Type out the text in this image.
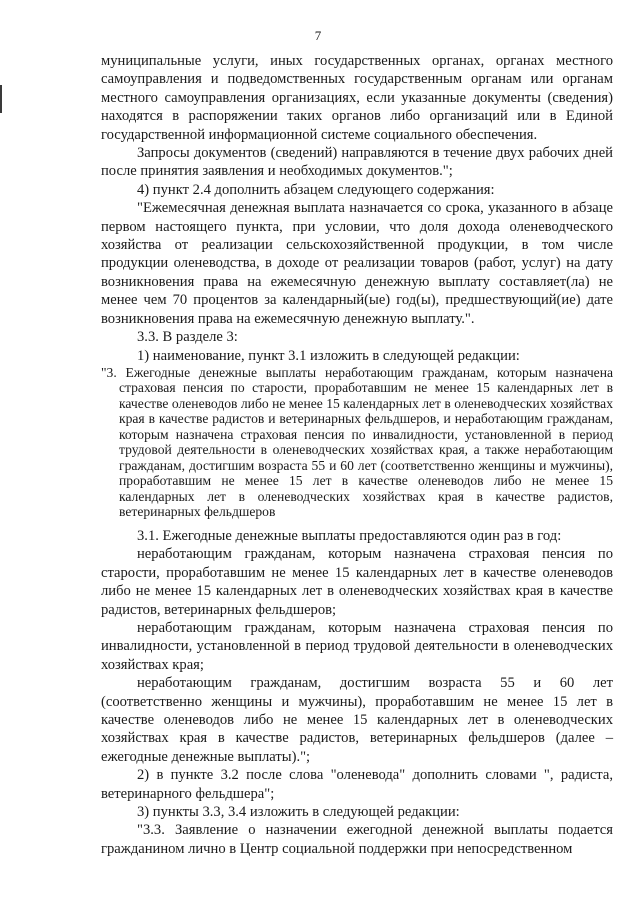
7

муниципальные услуги, иных государственных органах, органах местного самоуправления и подведомственных государственным органам или органам местного самоуправления организациях, если указанные документы (сведения) находятся в распоряжении таких органов либо организаций или в Единой государственной информационной системе социального обеспечения.

Запросы документов (сведений) направляются в течение двух рабочих дней после принятия заявления и необходимых документов.";

4) пункт 2.4 дополнить абзацем следующего содержания:

"Ежемесячная денежная выплата назначается со срока, указанного в абзаце первом настоящего пункта, при условии, что доля дохода оленеводческого хозяйства от реализации сельскохозяйственной продукции, в том числе продукции оленеводства, в доходе от реализации товаров (работ, услуг) на дату возникновения права на ежемесячную денежную выплату составляет(ла) не менее чем 70 процентов за календарный(ые) год(ы), предшествующий(ие) дате возникновения права на ежемесячную денежную выплату.".

3.3. В разделе 3:

1) наименование, пункт 3.1 изложить в следующей редакции:

"3. Ежегодные денежные выплаты неработающим гражданам, которым назначена страховая пенсия по старости, проработавшим не менее 15 календарных лет в качестве оленеводов либо не менее 15 календарных лет в оленеводческих хозяйствах края в качестве радистов и ветеринарных фельдшеров, и неработающим гражданам, которым назначена страховая пенсия по инвалидности, установленной в период трудовой деятельности в оленеводческих хозяйствах края, а также неработающим гражданам, достигшим возраста 55 и 60 лет (соответственно женщины и мужчины), проработавшим не менее 15 лет в качестве оленеводов либо не менее 15 календарных лет в оленеводческих хозяйствах края в качестве радистов, ветеринарных фельдшеров

3.1. Ежегодные денежные выплаты предоставляются один раз в год:

неработающим гражданам, которым назначена страховая пенсия по старости, проработавшим не менее 15 календарных лет в качестве оленеводов либо не менее 15 календарных лет в оленеводческих хозяйствах края в качестве радистов, ветеринарных фельдшеров;

неработающим гражданам, которым назначена страховая пенсия по инвалидности, установленной в период трудовой деятельности в оленеводческих хозяйствах края;

неработающим гражданам, достигшим возраста 55 и 60 лет (соответственно женщины и мужчины), проработавшим не менее 15 лет в качестве оленеводов либо не менее 15 календарных лет в оленеводческих хозяйствах края в качестве радистов, ветеринарных фельдшеров (далее – ежегодные денежные выплаты).";

2) в пункте 3.2 после слова "оленевода" дополнить словами ", радиста, ветеринарного фельдшера";

3) пункты 3.3, 3.4 изложить в следующей редакции:

"3.3. Заявление о назначении ежегодной денежной выплаты подается гражданином лично в Центр социальной поддержки при непосредственном
